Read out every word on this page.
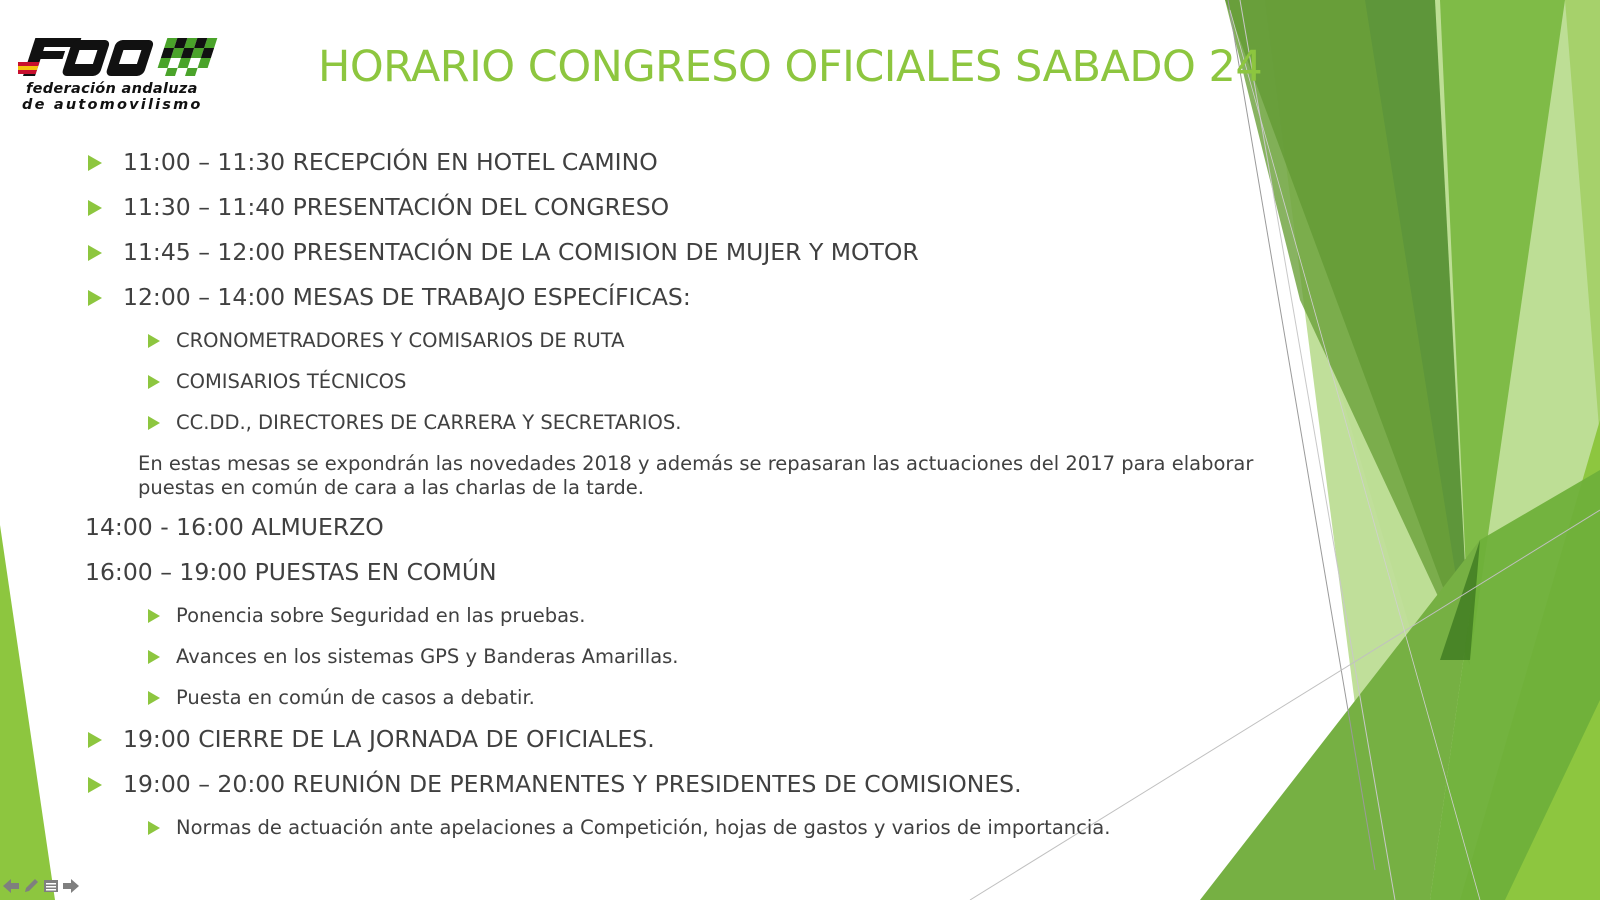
federación andaluza
de automovilismo
HORARIO CONGRESO OFICIALES SABADO 24
11:00 – 11:30 RECEPCIÓN EN HOTEL CAMINO
11:30 – 11:40 PRESENTACIÓN DEL CONGRESO
11:45 – 12:00 PRESENTACIÓN DE LA COMISION DE MUJER Y MOTOR
12:00 – 14:00 MESAS DE TRABAJO ESPECÍFICAS:
CRONOMETRADORES Y COMISARIOS DE RUTA
COMISARIOS TÉCNICOS
CC.DD., DIRECTORES DE CARRERA Y SECRETARIOS.
En estas mesas se expondrán las novedades 2018 y además se repasaran las actuaciones del 2017 para elaborar puestas en común de cara a las charlas de la tarde.
14:00 - 16:00 ALMUERZO
16:00 – 19:00 PUESTAS EN COMÚN
Ponencia sobre Seguridad en las pruebas.
Avances en los sistemas GPS y Banderas Amarillas.
Puesta en común de casos a debatir.
19:00 CIERRE DE LA JORNADA DE OFICIALES.
19:00 – 20:00 REUNIÓN DE PERMANENTES Y PRESIDENTES DE COMISIONES.
Normas de actuación ante apelaciones a Competición, hojas de gastos y varios de importancia.
